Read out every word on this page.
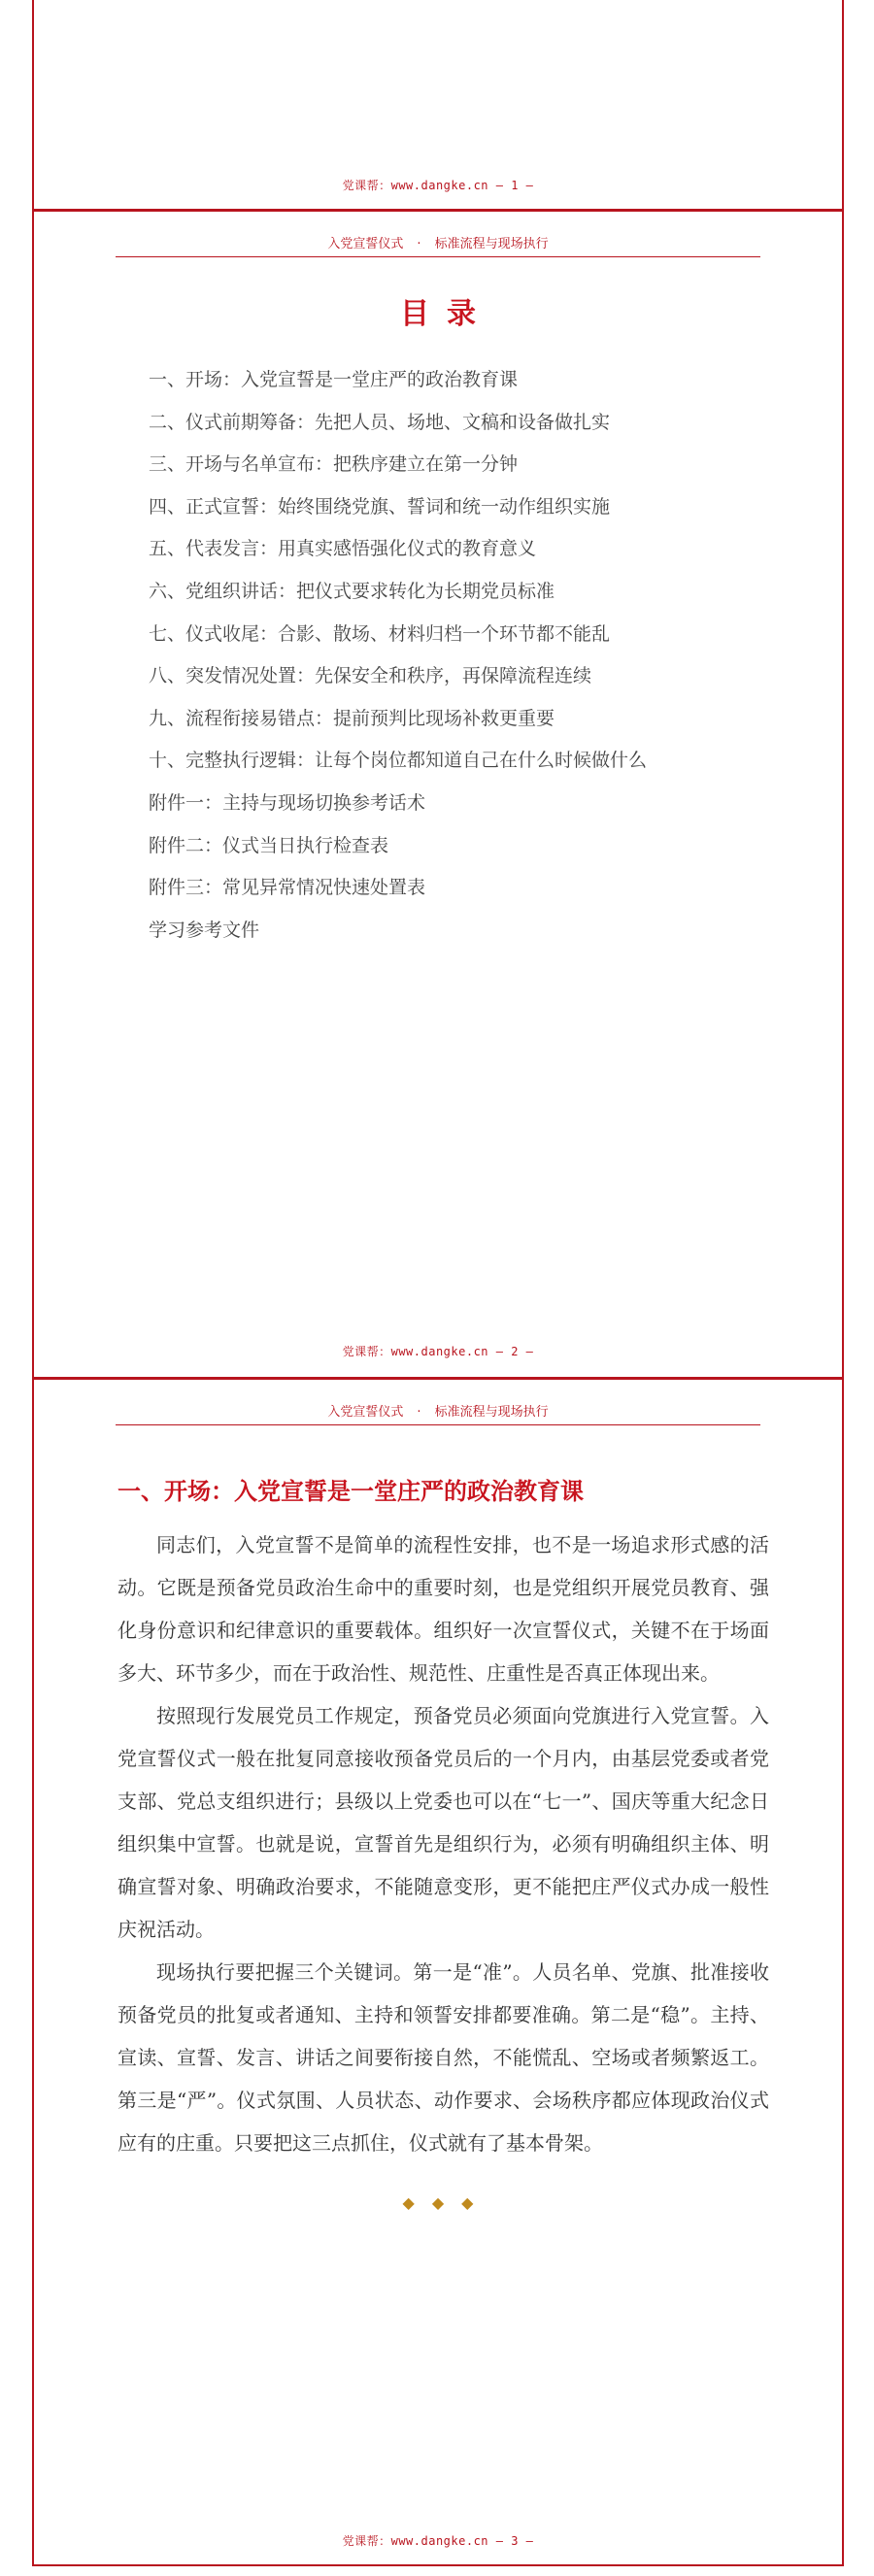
党课帮：www.dangke.cn — 1 —
入党宣誓仪式 · 标准流程与现场执行
目录
一、开场：入党宣誓是一堂庄严的政治教育课
二、仪式前期筹备：先把人员、场地、文稿和设备做扎实
三、开场与名单宣布：把秩序建立在第一分钟
四、正式宣誓：始终围绕党旗、誓词和统一动作组织实施
五、代表发言：用真实感悟强化仪式的教育意义
六、党组织讲话：把仪式要求转化为长期党员标准
七、仪式收尾：合影、散场、材料归档一个环节都不能乱
八、突发情况处置：先保安全和秩序，再保障流程连续
九、流程衔接易错点：提前预判比现场补救更重要
十、完整执行逻辑：让每个岗位都知道自己在什么时候做什么
附件一：主持与现场切换参考话术
附件二：仪式当日执行检查表
附件三：常见异常情况快速处置表
学习参考文件
党课帮：www.dangke.cn — 2 —
入党宣誓仪式 · 标准流程与现场执行
一、开场：入党宣誓是一堂庄严的政治教育课

同志们，入党宣誓不是简单的流程性安排，也不是一场追求形式感的活动。它既是预备党员政治生命中的重要时刻，也是党组织开展党员教育、强化身份意识和纪律意识的重要载体。组织好一次宣誓仪式，关键不在于场面多大、环节多少，而在于政治性、规范性、庄重性是否真正体现出来。

按照现行发展党员工作规定，预备党员必须面向党旗进行入党宣誓。入党宣誓仪式一般在批复同意接收预备党员后的一个月内，由基层党委或者党支部、党总支组织进行；县级以上党委也可以在“七一”、国庆等重大纪念日组织集中宣誓。也就是说，宣誓首先是组织行为，必须有明确组织主体、明确宣誓对象、明确政治要求，不能随意变形，更不能把庄严仪式办成一般性庆祝活动。

现场执行要把握三个关键词。第一是“准”。人员名单、党旗、批准接收预备党员的批复或者通知、主持和领誓安排都要准确。第二是“稳”。主持、宣读、宣誓、发言、讲话之间要衔接自然，不能慌乱、空场或者频繁返工。第三是“严”。仪式氛围、人员状态、动作要求、会场秩序都应体现政治仪式应有的庄重。只要把这三点抓住，仪式就有了基本骨架。

◆◆◆
党课帮：www.dangke.cn — 3 —
